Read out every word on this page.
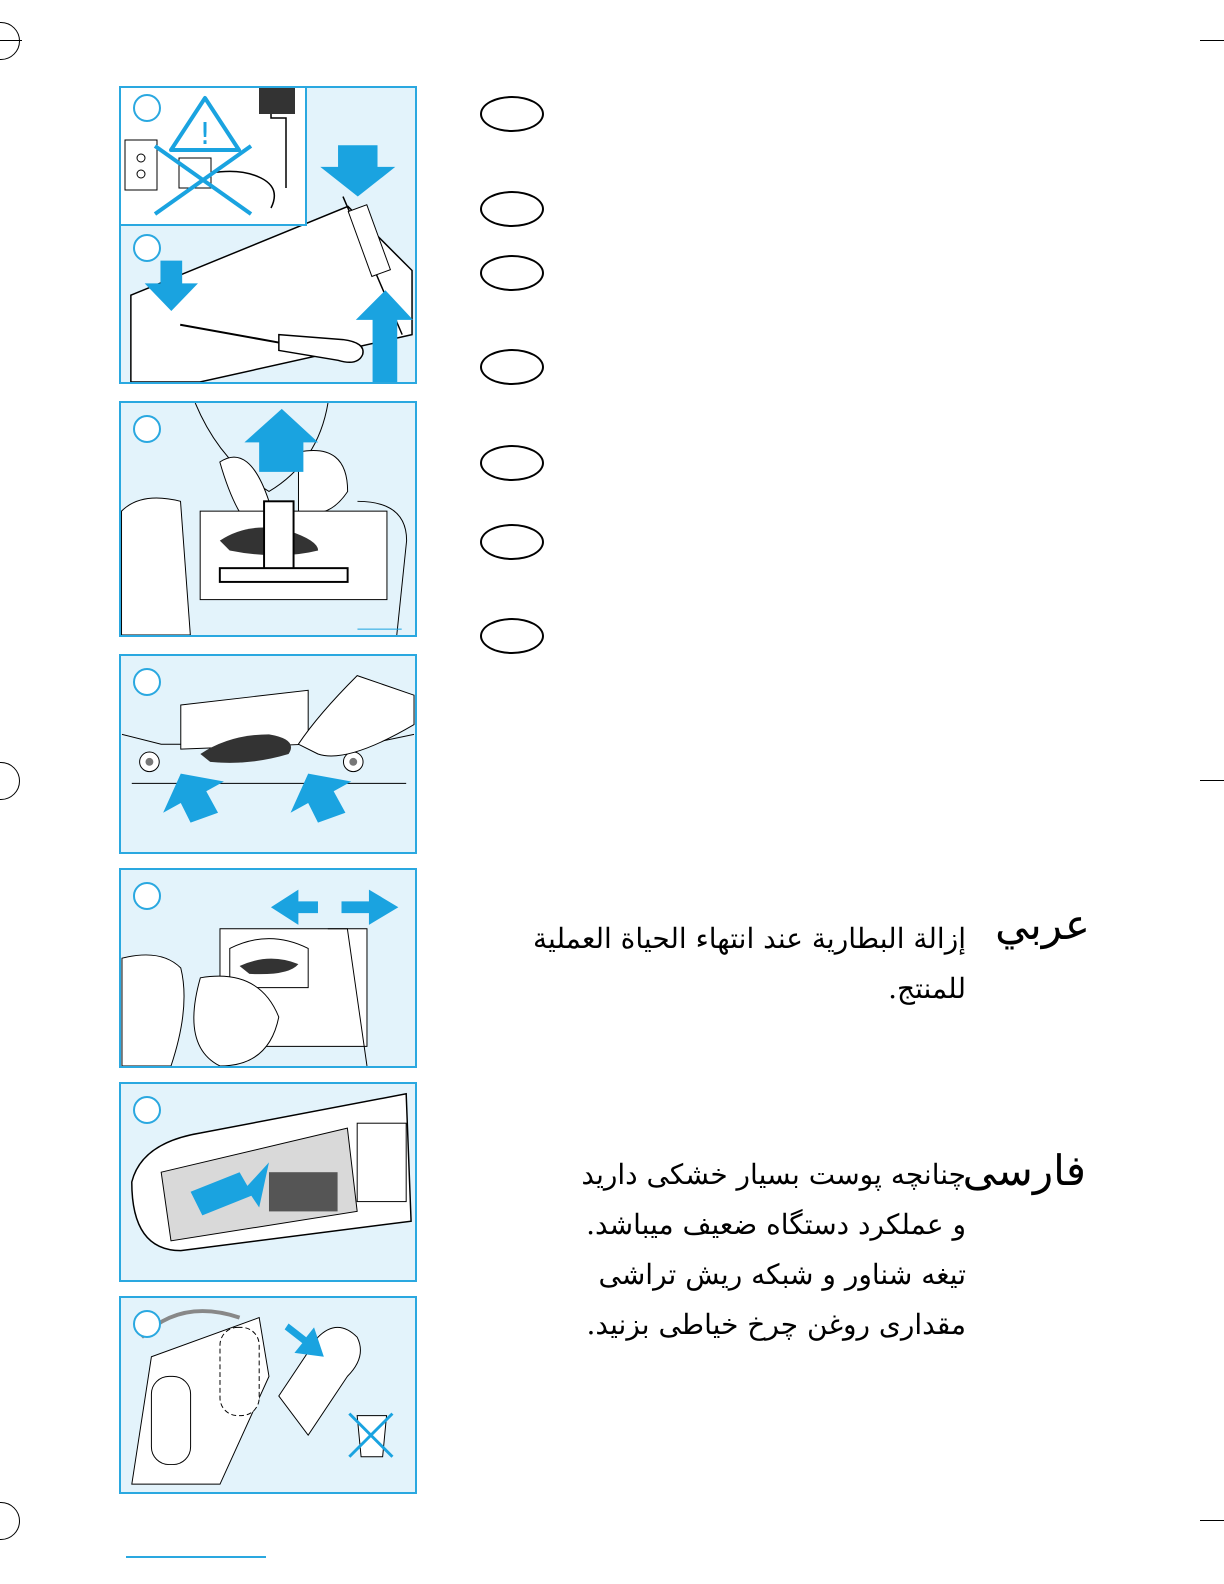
!
عربي
إزالة البطارية عند انتهاء الحياة العملية
للمنتج.
فارسی
چنانچه پوست بسیار خشکی دارید
و عملکرد دستگاه ضعیف میباشد.
تیغه شناور و شبکه ریش تراشی
مقداری روغن چرخ خیاطی بزنید.
